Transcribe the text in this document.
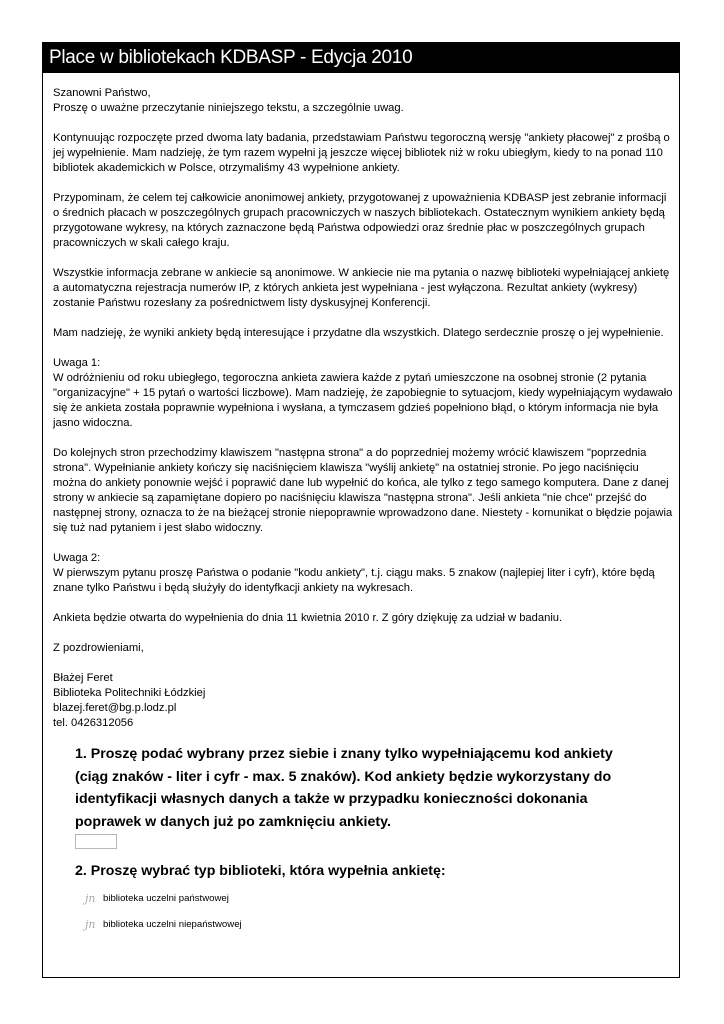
Place w bibliotekach KDBASP - Edycja 2010

Szanowni Państwo,
Proszę o uważne przeczytanie niniejszego tekstu, a szczególnie uwag.

Kontynuując rozpoczęte przed dwoma laty badania, przedstawiam Państwu tegoroczną wersję "ankiety płacowej" z prośbą o jej wypełnienie. Mam nadzieję, że tym razem wypełni ją jeszcze więcej bibliotek niż w roku ubiegłym, kiedy to na ponad 110 bibliotek akademickich w Polsce, otrzymaliśmy 43 wypełnione ankiety.

Przypominam, że celem tej całkowicie anonimowej ankiety, przygotowanej z upoważnienia KDBASP jest zebranie informacji o średnich płacach w poszczególnych grupach pracowniczych w naszych bibliotekach. Ostatecznym wynikiem ankiety będą przygotowane wykresy, na których zaznaczone będą Państwa odpowiedzi oraz średnie płac w poszczególnych grupach pracowniczych w skali całego kraju.

Wszystkie informacja zebrane w ankiecie są anonimowe. W ankiecie nie ma pytania o nazwę biblioteki wypełniającej ankietę a automatyczna rejestracja numerów IP, z których ankieta jest wypełniana - jest wyłączona. Rezultat ankiety (wykresy) zostanie Państwu rozesłany za pośrednictwem listy dyskusyjnej Konferencji.

Mam nadzieję, że wyniki ankiety będą interesujące i przydatne dla wszystkich. Dlatego serdecznie proszę o jej wypełnienie.

Uwaga 1:
W odróżnieniu od roku ubiegłego, tegoroczna ankieta zawiera każde z pytań umieszczone na osobnej stronie (2 pytania "organizacyjne" + 15 pytań o wartości liczbowe). Mam nadzieję, że zapobiegnie to sytuacjom, kiedy wypełniającym wydawało się że ankieta została poprawnie wypełniona i wysłana, a tymczasem gdzieś popełniono błąd, o którym informacja nie była jasno widoczna.

Do kolejnych stron przechodzimy klawiszem "następna strona" a do poprzedniej możemy wrócić klawiszem "poprzednia strona". Wypełnianie ankiety kończy się naciśnięciem klawisza "wyślij ankietę" na ostatniej stronie. Po jego naciśnięciu można do ankiety ponownie wejść i poprawić dane lub wypełnić do końca, ale tylko z tego samego komputera. Dane z danej strony w ankiecie są zapamiętane dopiero po naciśnięciu klawisza "następna strona". Jeśli ankieta "nie chce" przejść do następnej strony, oznacza to że na bieżącej stronie niepoprawnie wprowadzono dane. Niestety - komunikat o błędzie pojawia się tuż nad pytaniem i jest słabo widoczny.

Uwaga 2:
W pierwszym pytanu proszę Państwa o podanie "kodu ankiety", t.j. ciągu maks. 5 znakow (najlepiej liter i cyfr), które będą znane tylko Państwu i będą służyły do identyfkacji ankiety na wykresach.

Ankieta będzie otwarta do wypełnienia do dnia 11 kwietnia 2010 r. Z góry dziękuję za udział w badaniu.

Z pozdrowieniami,

Błażej Feret
Biblioteka Politechniki Łódzkiej
blazej.feret@bg.p.lodz.pl
tel. 0426312056

1. Proszę podać wybrany przez siebie i znany tylko wypełniającemu kod ankiety (ciąg znaków - liter i cyfr - max. 5 znaków). Kod ankiety będzie wykorzystany do identyfikacji własnych danych a także w przypadku konieczności dokonania poprawek w danych już po zamknięciu ankiety.
2. Proszę wybrać typ biblioteki, która wypełnia ankietę:
jn biblioteka uczelni państwowej
jn biblioteka uczelni niepaństwowej
